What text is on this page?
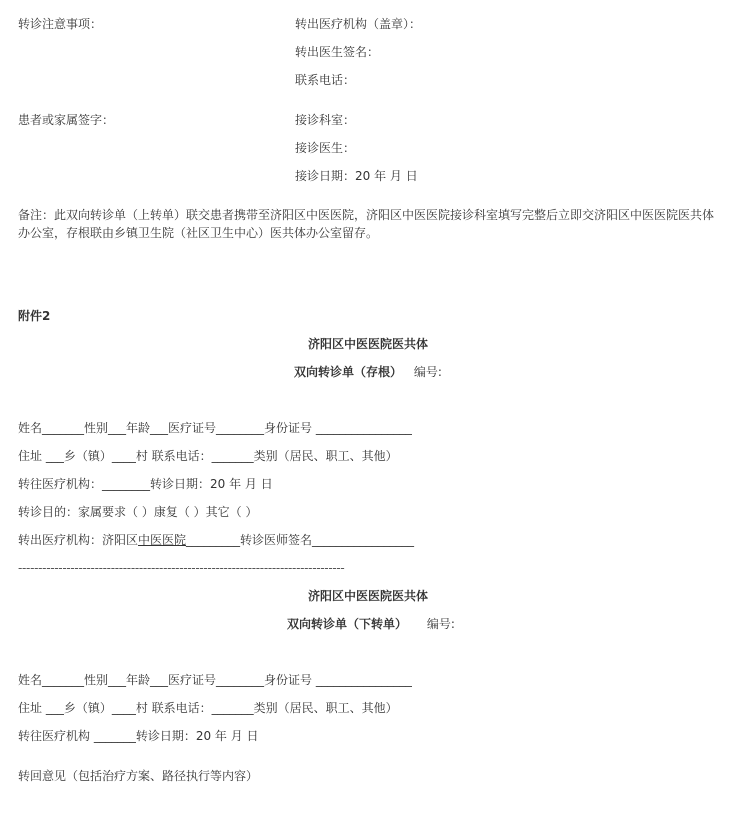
转诊注意事项：	转出医疗机构（盖章）：
转出医生签名：
联系电话：
患者或家属签字：	接诊科室：
接诊医生：
接诊日期：20 年 月 日
备注：此双向转诊单（上转单）联交患者携带至济阳区中医医院，济阳区中医医院接诊科室填写完整后立即交济阳区中医医院医共体办公室，存根联由乡镇卫生院（社区卫生中心）医共体办公室留存。
附件2
济阳区中医医院医共体
双向转诊单（存根） 编号:
姓名_______性别___年龄___医疗证号________身份证号 ________________
住址 ___乡（镇）____村 联系电话：_______类别（居民、职工、其他）
转往医疗机构：________转诊日期：20 年 月 日
转诊目的：家属要求（ ）康复（ ）其它（ ）
转出医疗机构：济阳区中医医院_________转诊医师签名_________________
---------------------------------------------------------------------------------
济阳区中医医院医共体
双向转诊单（下转单） 编号:
姓名_______性别___年龄___医疗证号________身份证号 ________________
住址 ___乡（镇）____村 联系电话：_______类别（居民、职工、其他）
转往医疗机构 _______转诊日期：20 年 月 日
转回意见（包括治疗方案、路径执行等内容）
